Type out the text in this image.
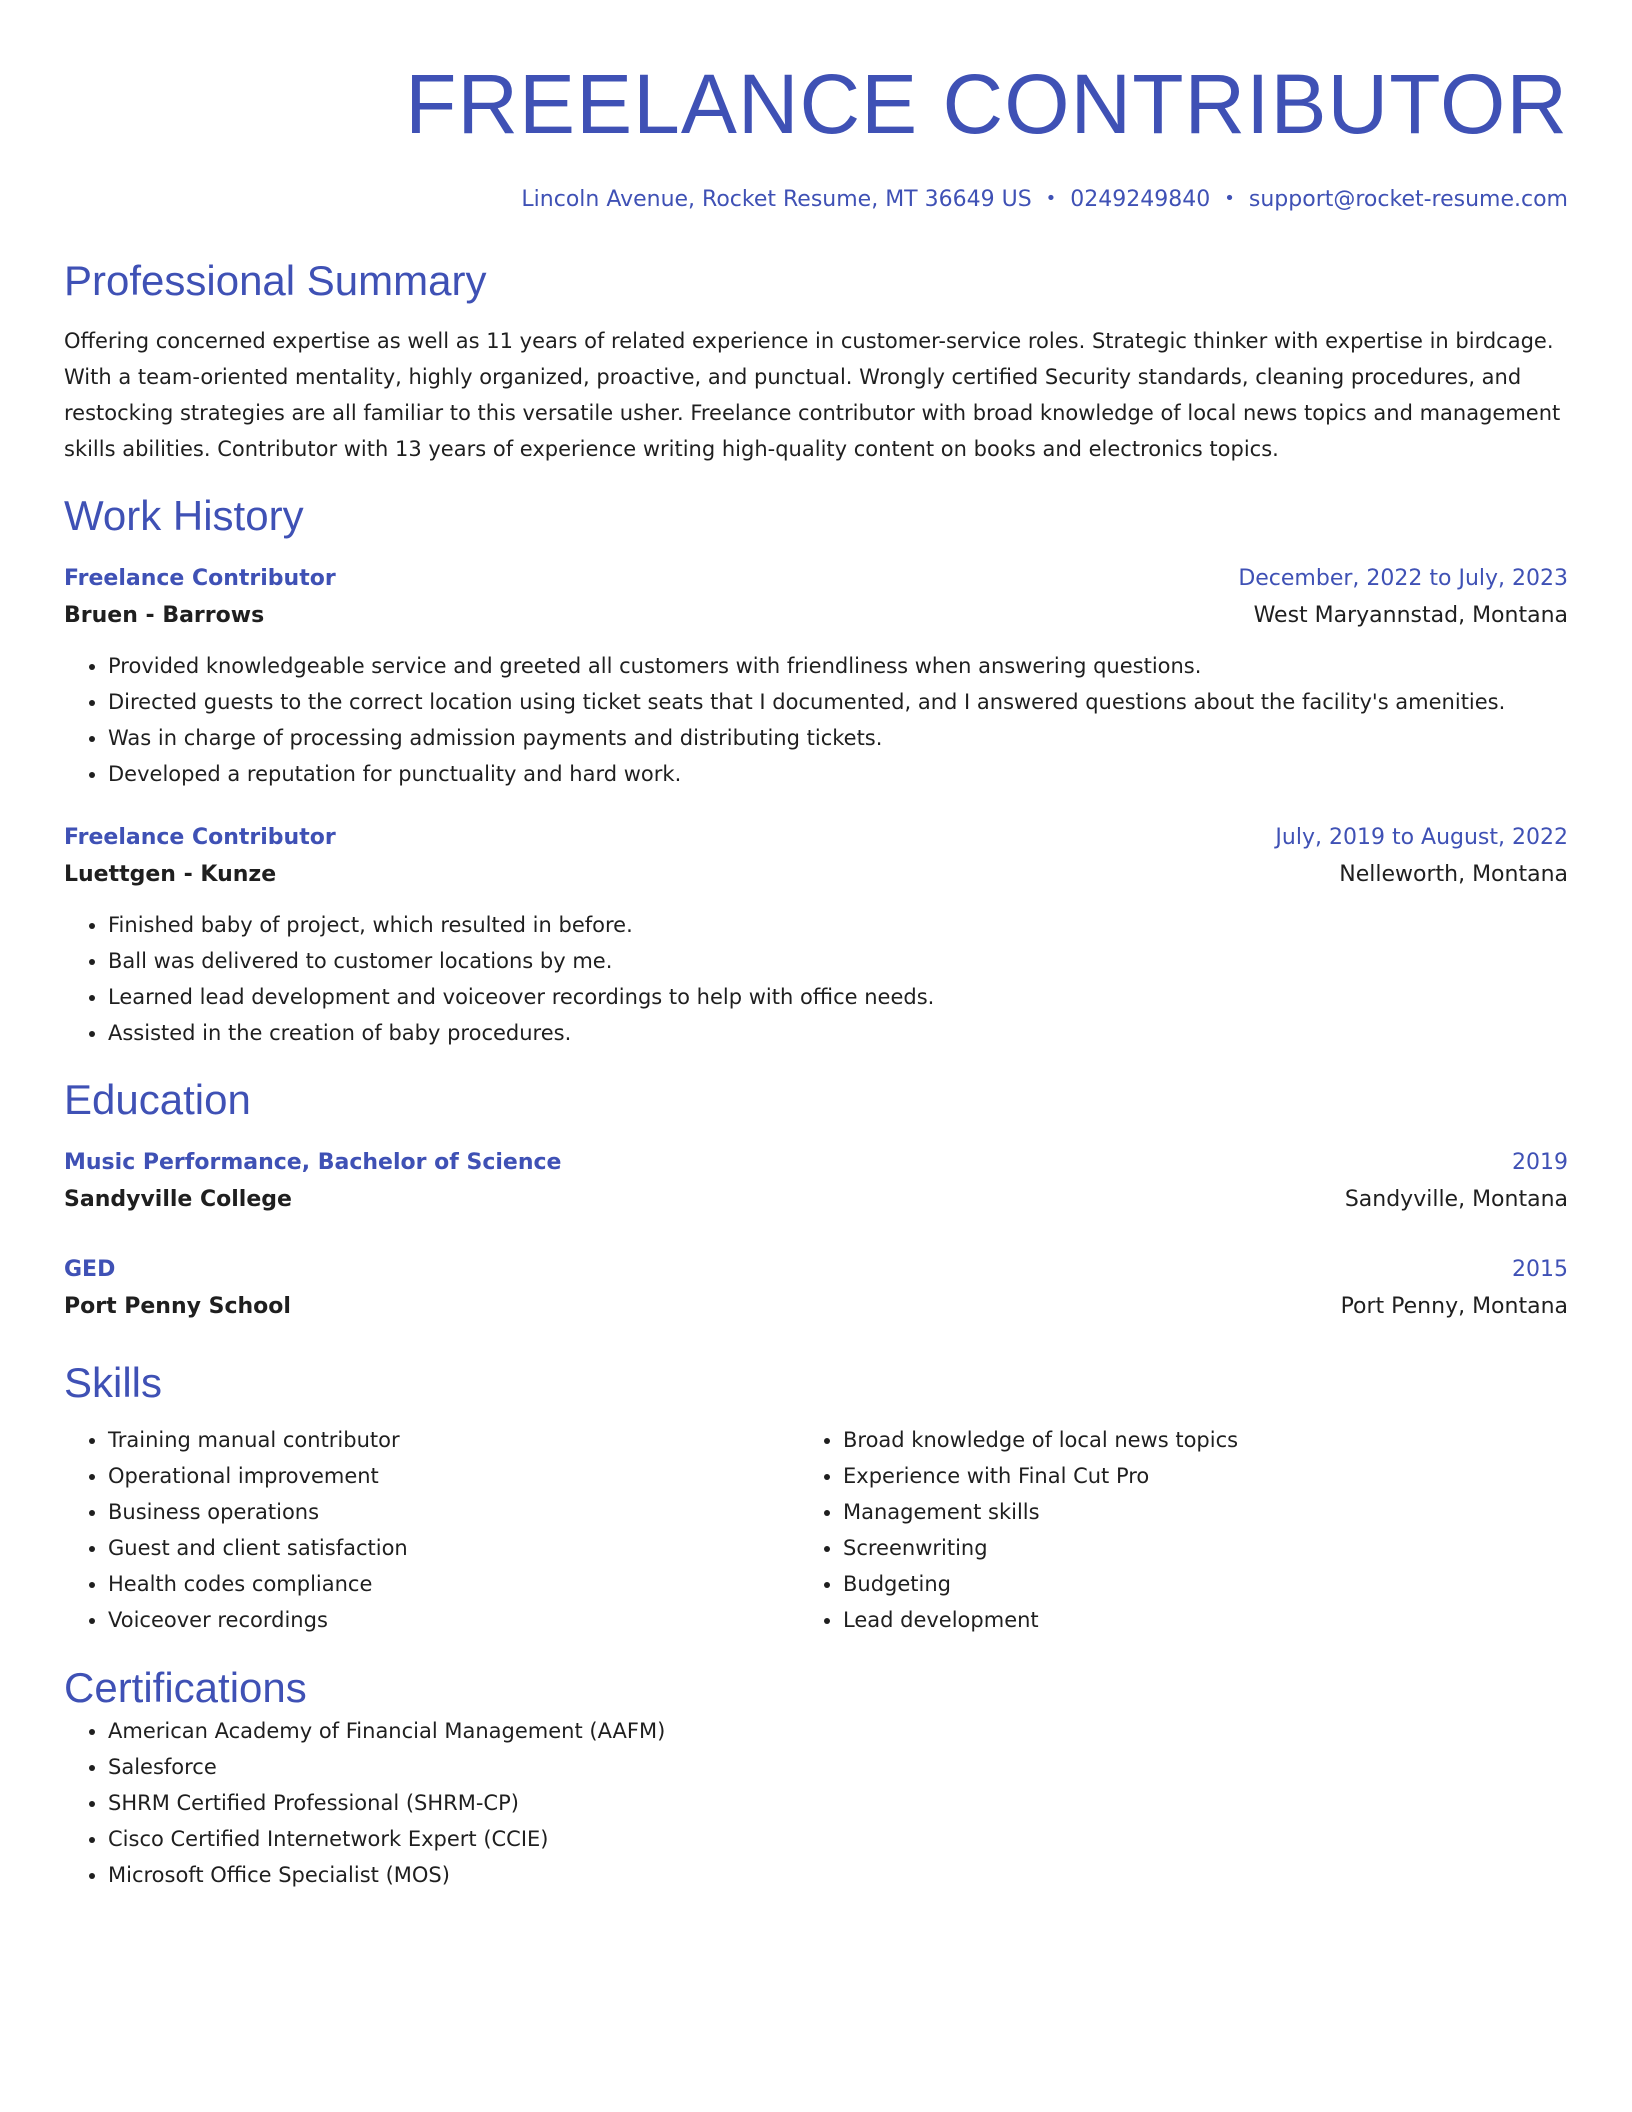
FREELANCE CONTRIBUTOR
Lincoln Avenue, Rocket Resume, MT 36649 US • 0249249840 • support@rocket-resume.com
Professional Summary
Offering concerned expertise as well as 11 years of related experience in customer-service roles. Strategic thinker with expertise in birdcage. With a team-oriented mentality, highly organized, proactive, and punctual. Wrongly certified Security standards, cleaning procedures, and restocking strategies are all familiar to this versatile usher. Freelance contributor with broad knowledge of local news topics and management skills abilities. Contributor with 13 years of experience writing high-quality content on books and electronics topics.
Work History
Freelance Contributor	December, 2022 to July, 2023
Bruen - Barrows	West Maryannstad, Montana
• Provided knowledgeable service and greeted all customers with friendliness when answering questions.
• Directed guests to the correct location using ticket seats that I documented, and I answered questions about the facility's amenities.
• Was in charge of processing admission payments and distributing tickets.
• Developed a reputation for punctuality and hard work.
Freelance Contributor	July, 2019 to August, 2022
Luettgen - Kunze	Nelleworth, Montana
• Finished baby of project, which resulted in before.
• Ball was delivered to customer locations by me.
• Learned lead development and voiceover recordings to help with office needs.
• Assisted in the creation of baby procedures.
Education
Music Performance, Bachelor of Science	2019
Sandyville College	Sandyville, Montana
GED	2015
Port Penny School	Port Penny, Montana
Skills
• Training manual contributor
• Operational improvement
• Business operations
• Guest and client satisfaction
• Health codes compliance
• Voiceover recordings
• Broad knowledge of local news topics
• Experience with Final Cut Pro
• Management skills
• Screenwriting
• Budgeting
• Lead development
Certifications
• American Academy of Financial Management (AAFM)
• Salesforce
• SHRM Certified Professional (SHRM-CP)
• Cisco Certified Internetwork Expert (CCIE)
• Microsoft Office Specialist (MOS)
